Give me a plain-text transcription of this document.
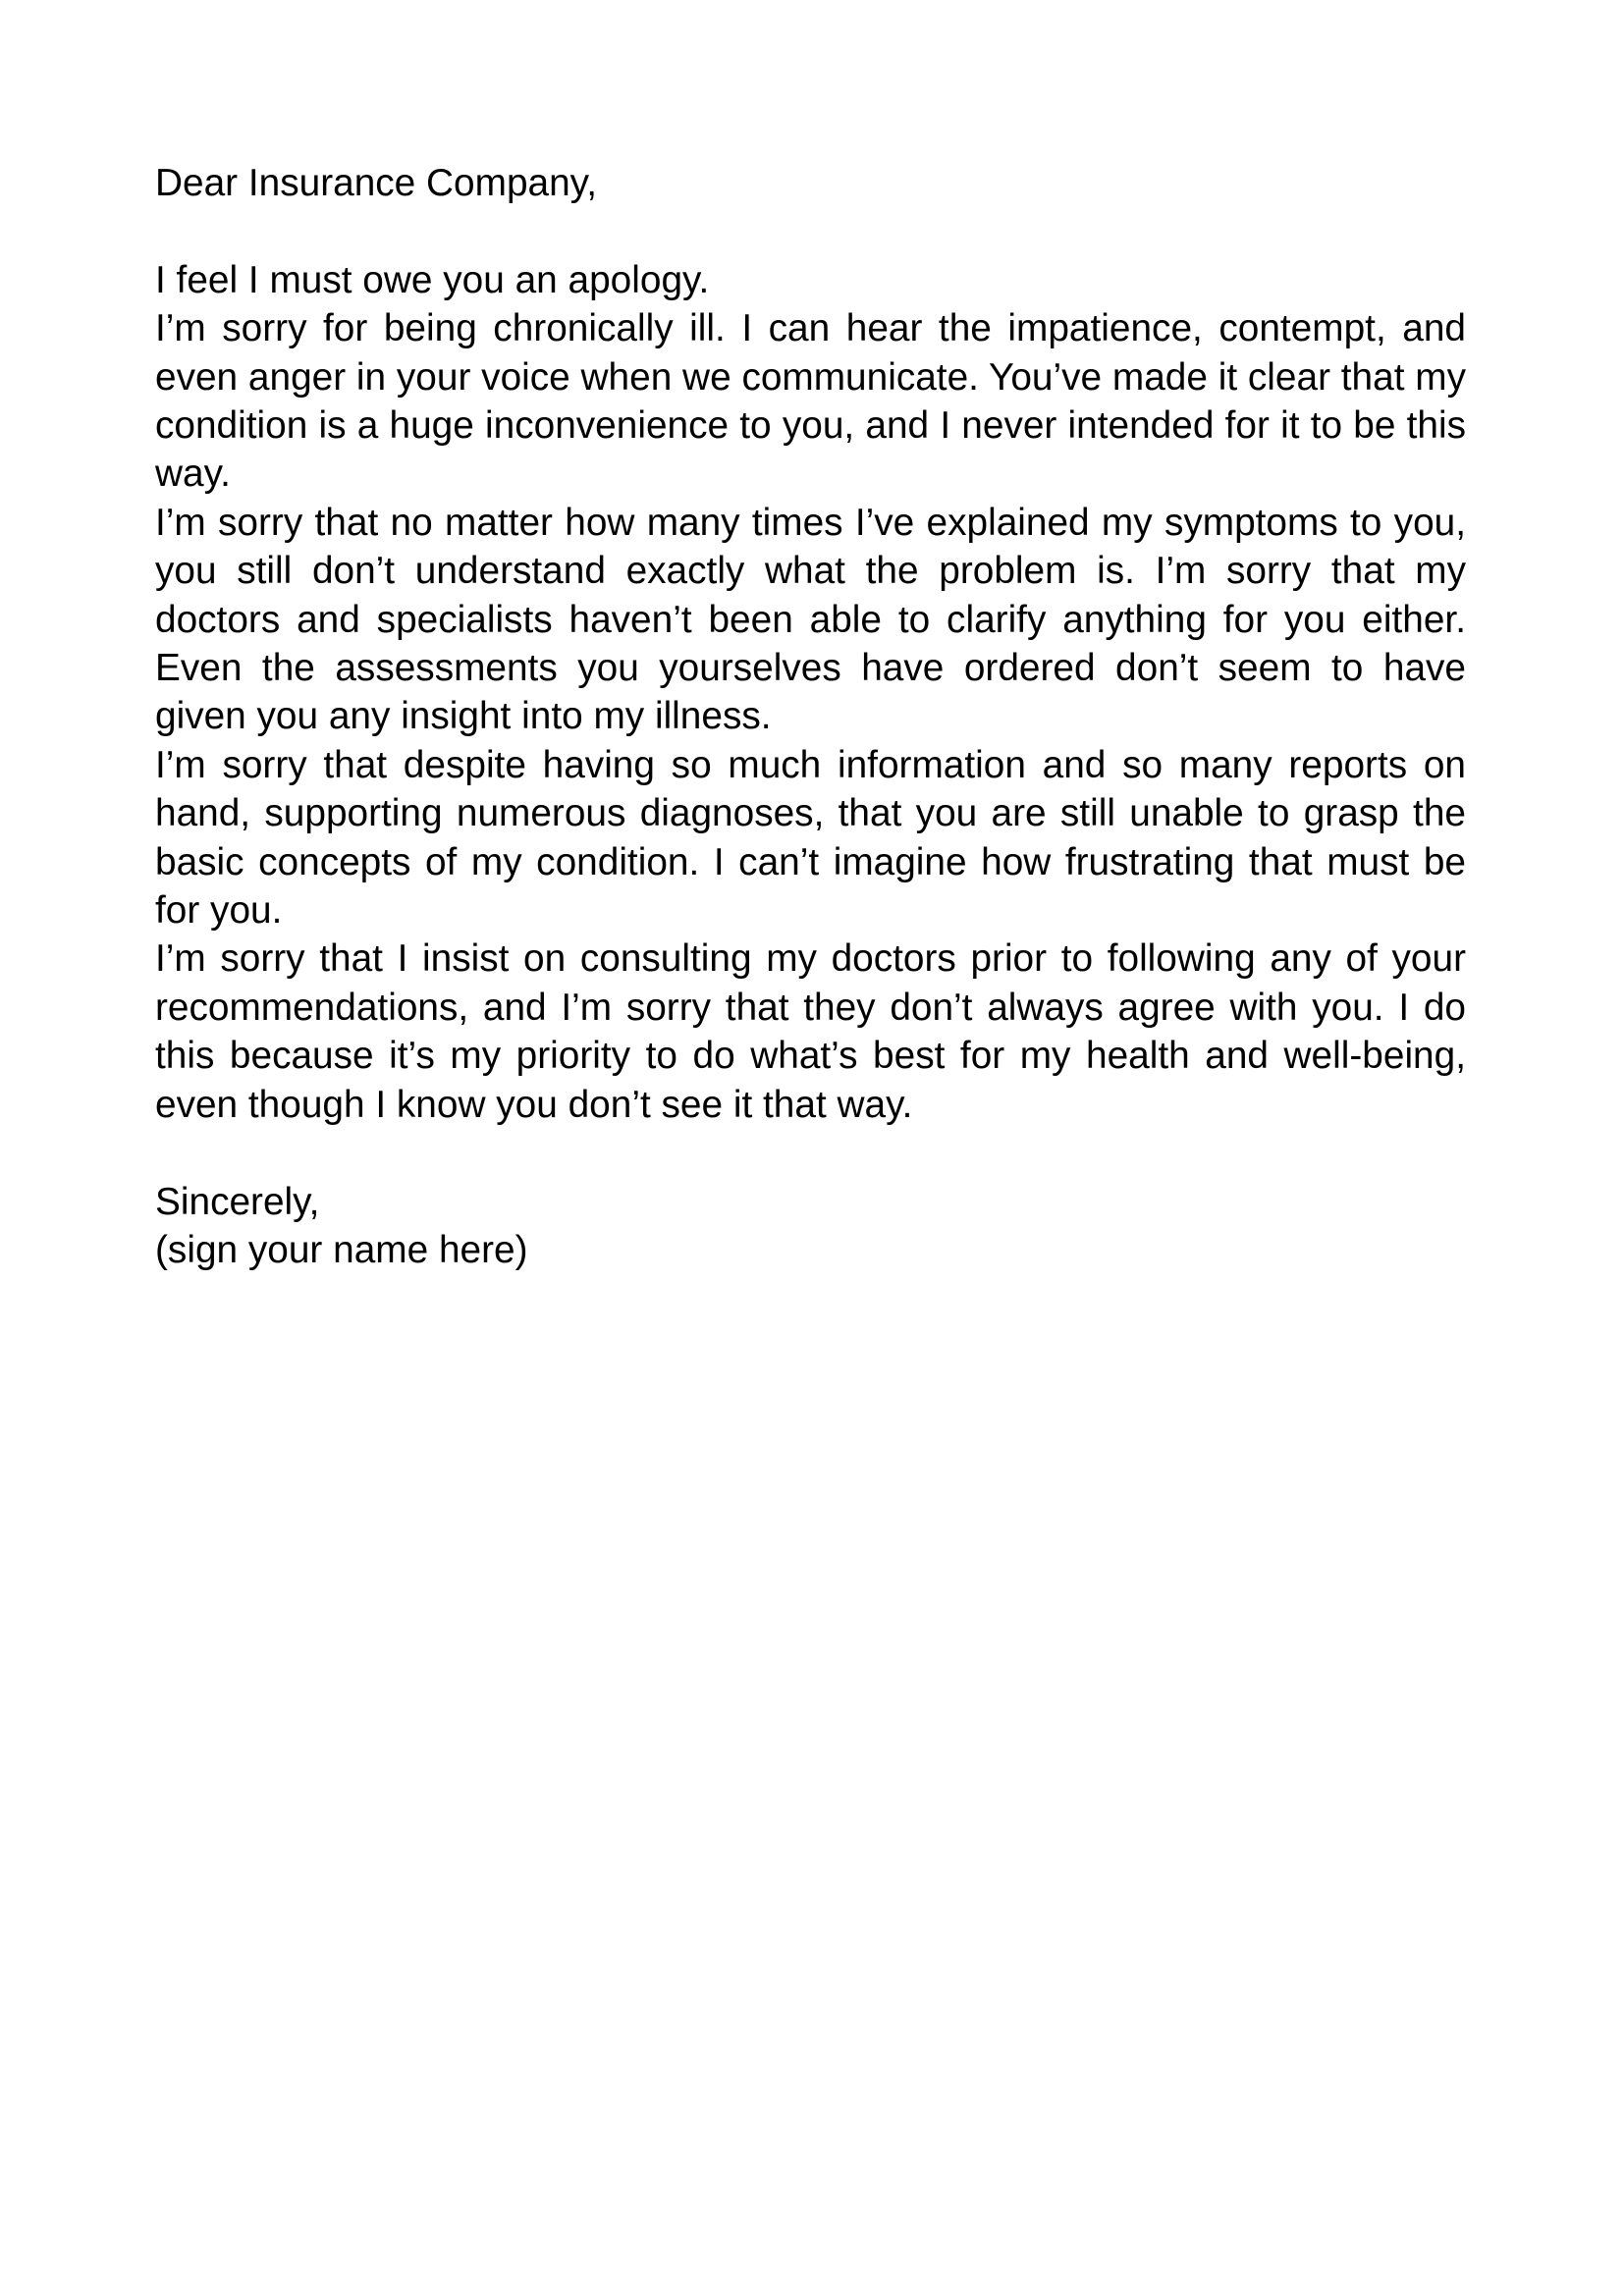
Dear Insurance Company,
I feel I must owe you an apology.
I’m sorry for being chronically ill. I can hear the impatience, contempt, and
even anger in your voice when we communicate. You’ve made it clear that my
condition is a huge inconvenience to you, and I never intended for it to be this
way.
I’m sorry that no matter how many times I’ve explained my symptoms to you,
you still don’t understand exactly what the problem is. I’m sorry that my
doctors and specialists haven’t been able to clarify anything for you either.
Even the assessments you yourselves have ordered don’t seem to have
given you any insight into my illness.
I’m sorry that despite having so much information and so many reports on
hand, supporting numerous diagnoses, that you are still unable to grasp the
basic concepts of my condition. I can’t imagine how frustrating that must be
for you.
I’m sorry that I insist on consulting my doctors prior to following any of your
recommendations, and I’m sorry that they don’t always agree with you. I do
this because it’s my priority to do what’s best for my health and well-being,
even though I know you don’t see it that way.
Sincerely,
(sign your name here)
